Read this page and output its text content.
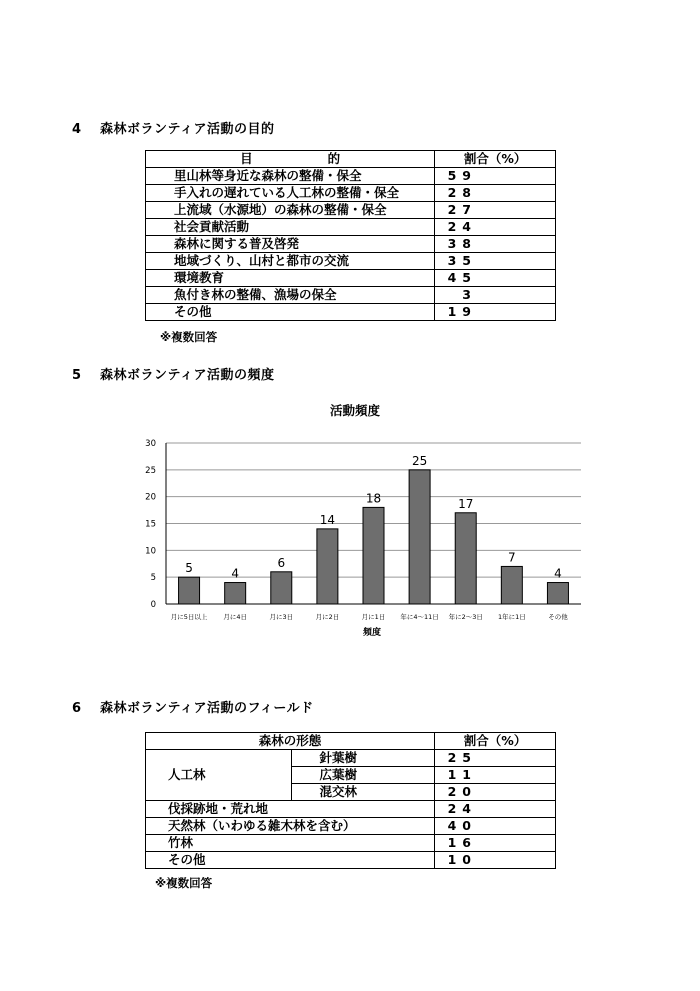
4 森林ボランティア活動の目的
目　　　　　　的	割合（%）
里山林等身近な森林の整備・保全	59
手入れの遅れている人工林の整備・保全	28
上流域（水源地）の森林の整備・保全	27
社会貢献活動	24
森林に関する普及啓発	38
地域づくり、山村と都市の交流	35
環境教育	45
魚付き林の整備、漁場の保全	3
その他	19
※複数回答
5 森林ボランティア活動の頻度
活動頻度
0
5
10
15
20
25
30
5	4
6
14
18
25
17
7
4
月に5日以上 月に4日	月に3日	月に2日	月に1日 年に4〜11日 年に2〜3日 1年に1日	その他
頻度
6 森林ボランティア活動のフィールド
森林の形態		割合（%）
人工林	針葉樹	25
	広葉樹	11
	混交林	20
伐採跡地・荒れ地		24
天然林（いわゆる雑木林を含む）		40
竹林		16
その他		10
※複数回答
